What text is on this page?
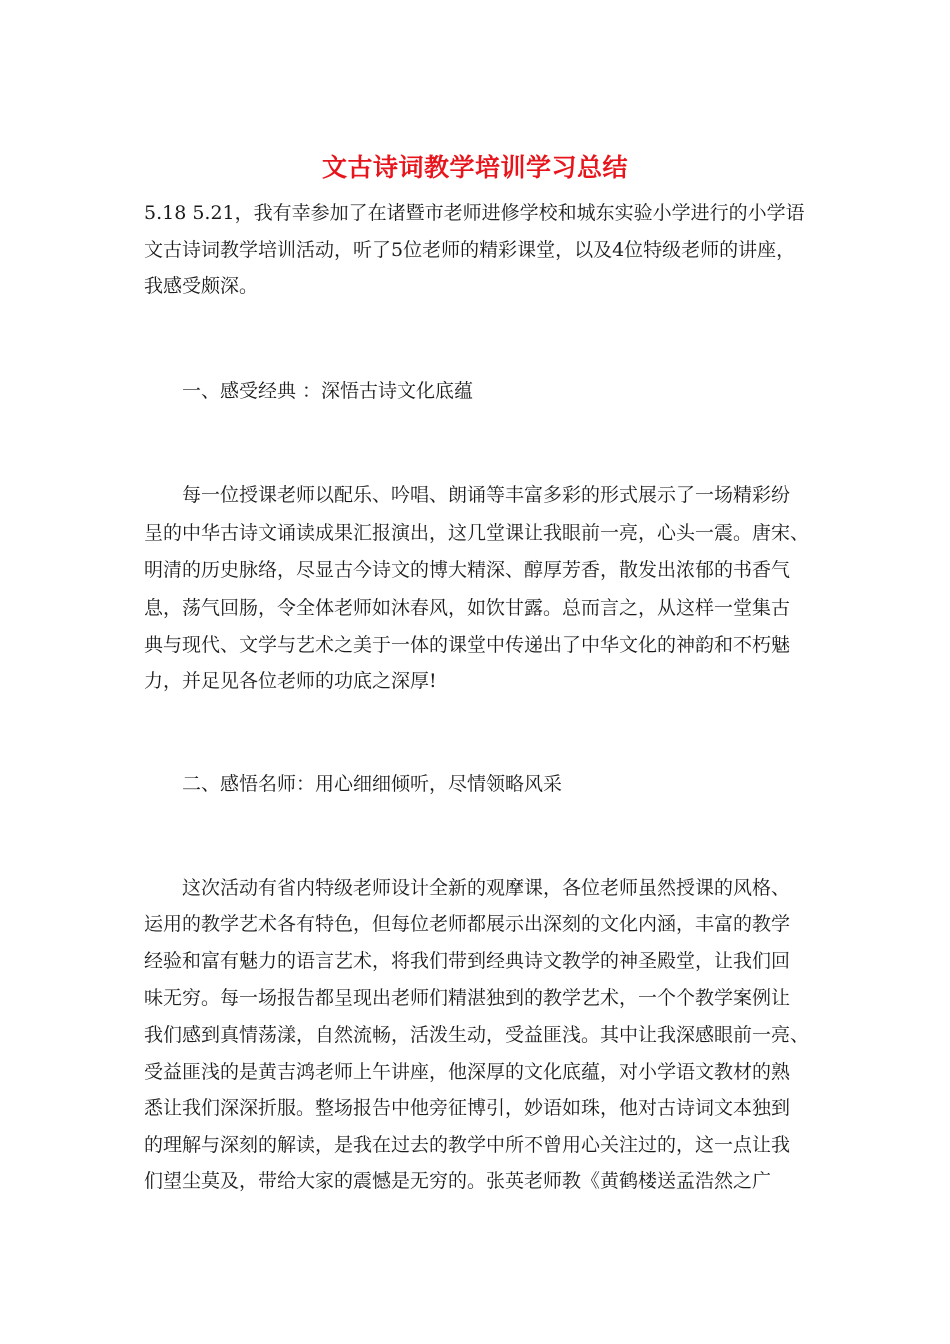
文古诗词教学培训学习总结

5.18 5.21，我有幸参加了在诸暨市老师进修学校和城东实验小学进行的小学语

文古诗词教学培训活动，听了5位老师的精彩课堂，以及4位特级老师的讲座，

我感受颇深。

一、感受经典 ：深悟古诗文化底蕴

每一位授课老师以配乐、吟唱、朗诵等丰富多彩的形式展示了一场精彩纷

呈的中华古诗文诵读成果汇报演出，这几堂课让我眼前一亮，心头一震。唐宋、

明清的历史脉络，尽显古今诗文的博大精深、醇厚芳香，散发出浓郁的书香气

息，荡气回肠，令全体老师如沐春风，如饮甘露。总而言之，从这样一堂集古

典与现代、文学与艺术之美于一体的课堂中传递出了中华文化的神韵和不朽魅

力，并足见各位老师的功底之深厚!

二、感悟名师：用心细细倾听，尽情领略风采

这次活动有省内特级老师设计全新的观摩课，各位老师虽然授课的风格、

运用的教学艺术各有特色，但每位老师都展示出深刻的文化内涵，丰富的教学

经验和富有魅力的语言艺术，将我们带到经典诗文教学的神圣殿堂，让我们回

味无穷。每一场报告都呈现出老师们精湛独到的教学艺术，一个个教学案例让

我们感到真情荡漾，自然流畅，活泼生动，受益匪浅。其中让我深感眼前一亮、

受益匪浅的是黄吉鸿老师上午讲座，他深厚的文化底蕴，对小学语文教材的熟

悉让我们深深折服。整场报告中他旁征博引，妙语如珠，他对古诗词文本独到

的理解与深刻的解读，是我在过去的教学中所不曾用心关注过的，这一点让我

们望尘莫及，带给大家的震憾是无穷的。张英老师教《黄鹤楼送孟浩然之广
